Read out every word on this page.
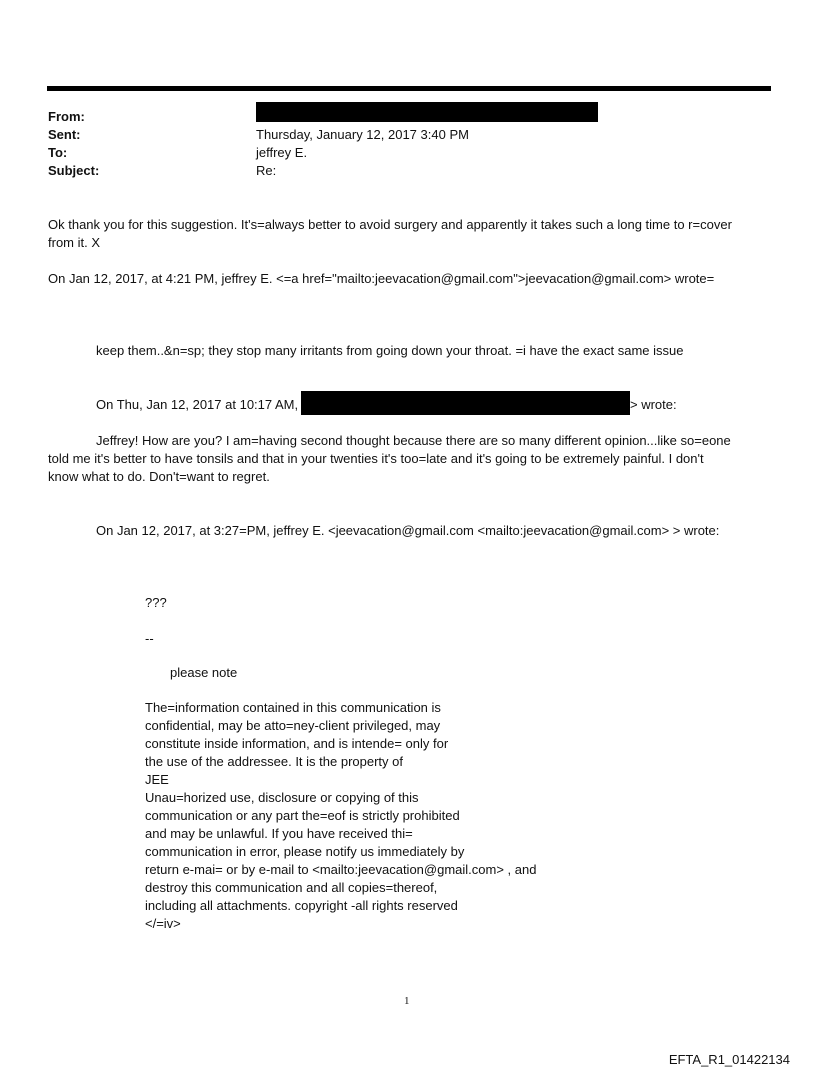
From:
Sent:
To:
Subject:
Thursday, January 12, 2017 3:40 PM
jeffrey E.
Re:
Ok thank you for this suggestion. It's=always better to avoid surgery and apparently it takes such a long time to r=cover
from it. X
On Jan 12, 2017, at 4:21 PM, jeffrey E. <=a href="mailto:jeevacation@gmail.com">jeevacation@gmail.com> wrote=
keep them..&n=sp; they stop many irritants from going down your throat. =i have the exact same issue
On Thu, Jan 12, 2017 at 10:17 AM,	> wrote:
Jeffrey! How are you? I am=having second thought because there are so many different opinion...like so=eone
told me it's better to have tonsils and that in your twenties it's too=late and it's going to be extremely painful. I don't
know what to do. Don't=want to regret.
On Jan 12, 2017, at 3:27=PM, jeffrey E. <jeevacation@gmail.com <mailto:jeevacation@gmail.com> > wrote:
???
--
please note
The=information contained in this communication is
confidential, may be atto=ney-client privileged, may
constitute inside information, and is intende= only for
the use of the addressee. It is the property of
JEE
Unau=horized use, disclosure or copying of this
communication or any part the=eof is strictly prohibited
and may be unlawful. If you have received thi=
communication in error, please notify us immediately by
return e-mai= or by e-mail to <mailto:jeevacation@gmail.com> , and
destroy this communication and all copies=thereof,
including all attachments. copyright -all rights reserved
</=iv>
1
EFTA_R1_01422134
